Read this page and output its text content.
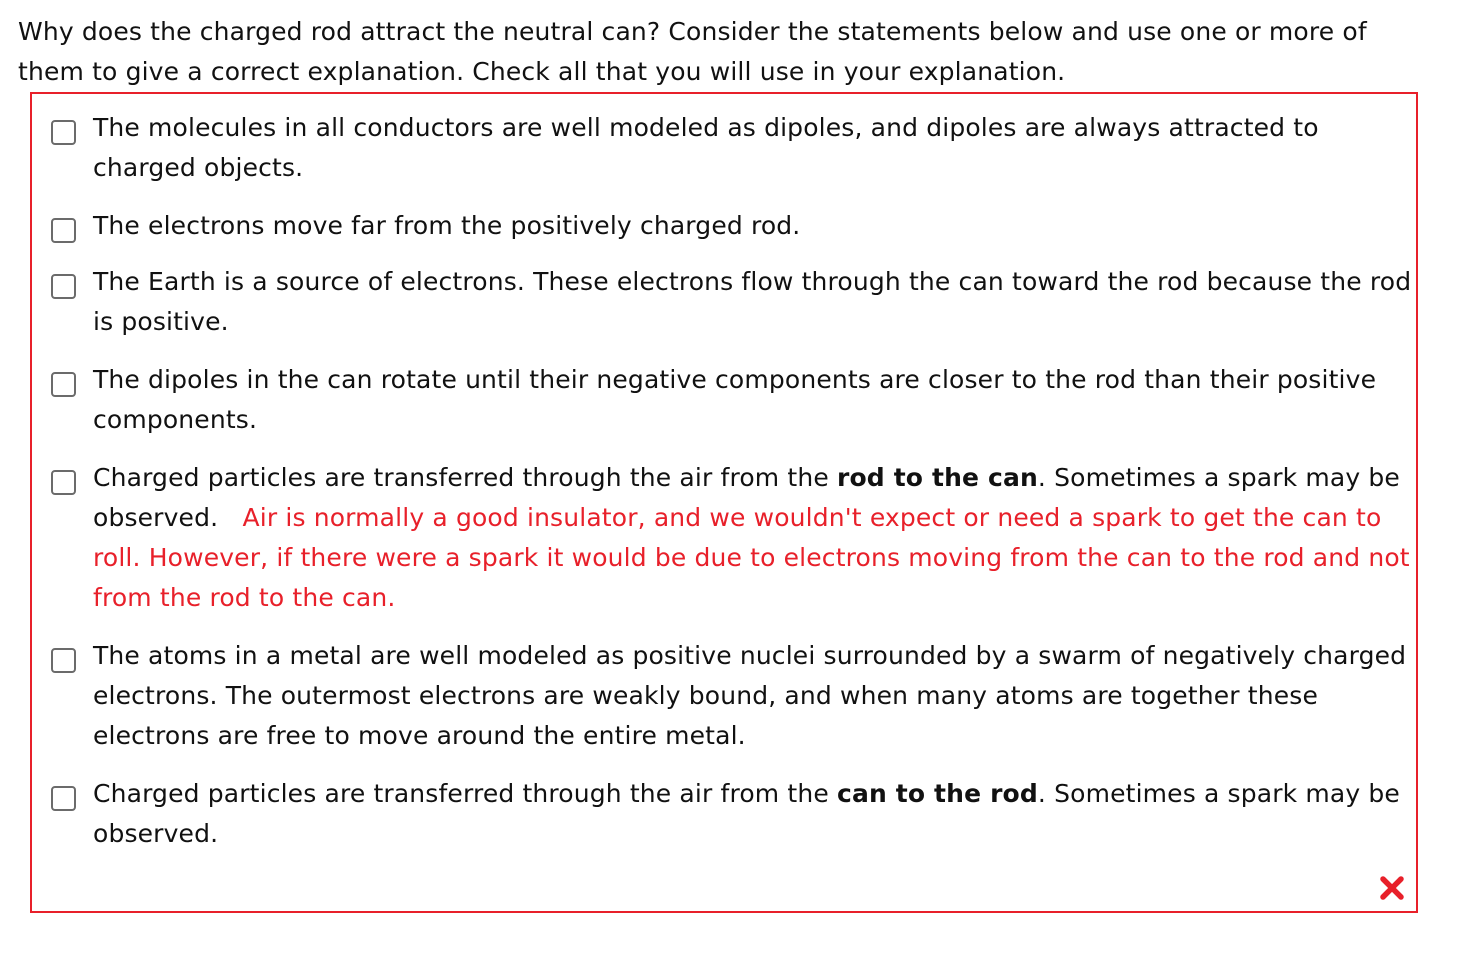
Why does the charged rod attract the neutral can? Consider the statements below and use one or more of them to give a correct explanation. Check all that you will use in your explanation.
The molecules in all conductors are well modeled as dipoles, and dipoles are always attracted to charged objects.
The electrons move far from the positively charged rod.
The Earth is a source of electrons. These electrons flow through the can toward the rod because the rod is positive.
The dipoles in the can rotate until their negative components are closer to the rod than their positive components.
Charged particles are transferred through the air from the rod to the can. Sometimes a spark may be observed. Air is normally a good insulator, and we wouldn't expect or need a spark to get the can to roll. However, if there were a spark it would be due to electrons moving from the can to the rod and not from the rod to the can.
The atoms in a metal are well modeled as positive nuclei surrounded by a swarm of negatively charged electrons. The outermost electrons are weakly bound, and when many atoms are together these electrons are free to move around the entire metal.
Charged particles are transferred through the air from the can to the rod. Sometimes a spark may be observed.
